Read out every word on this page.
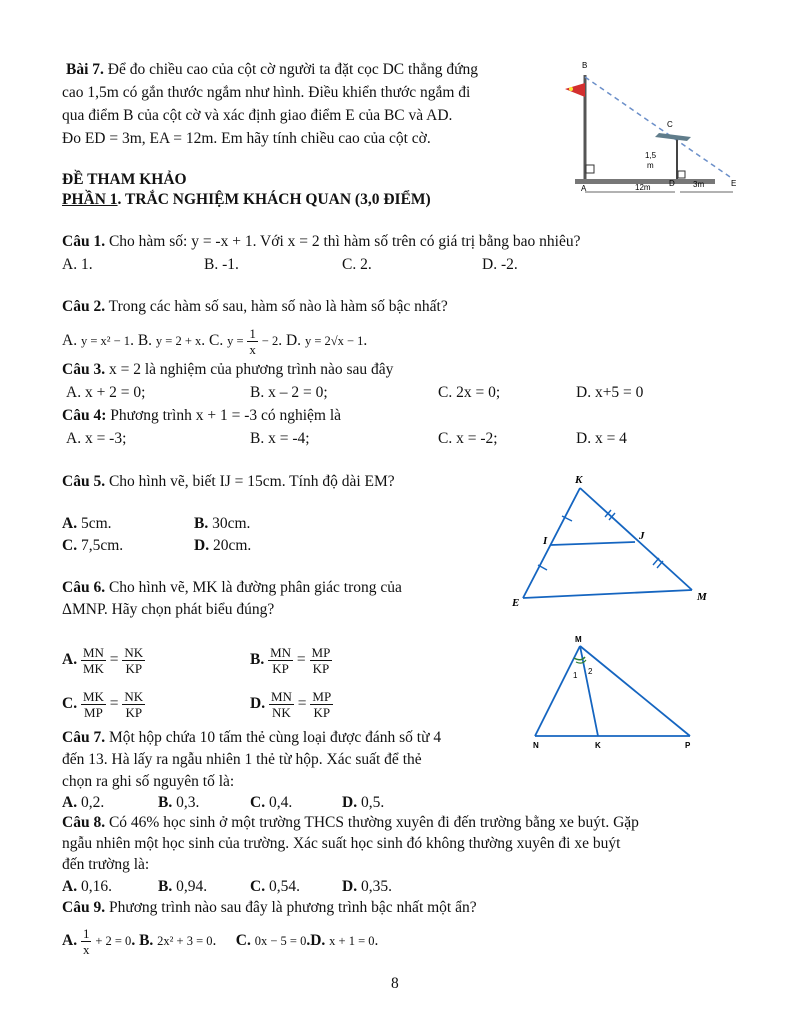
Bài 7. Để đo chiều cao của cột cờ người ta đặt cọc DC thẳng đứng
cao 1,5m có gắn thước ngắm như hình. Điều khiển thước ngắm đi
qua điểm B của cột cờ và xác định giao điểm E của BC và AD.
Đo ED = 3m, EA = 12m. Em hãy tính chiều cao của cột cờ.
B
C
A
D	E
1,5
m
12m	3m
ĐỀ THAM KHẢO
PHẦN 1. TRẮC NGHIỆM KHÁCH QUAN (3,0 ĐIỂM)
Câu 1. Cho hàm số: y = -x + 1. Với x = 2 thì hàm số trên có giá trị bằng bao nhiêu?
A. 1.	B. -1.	C. 2.	D. -2.
Câu 2. Trong các hàm số sau, hàm số nào là hàm số bậc nhất?
A. y = x² − 1. B. y = 2 + x. C. $y = \frac{1}{x} - 2$. D. y = 2√x − 1.
Câu 3. x = 2 là nghiệm của phương trình nào sau đây
A. x + 2 = 0;	B. x – 2 = 0;	C. 2x = 0;	D. x+5 = 0
Câu 4: Phương trình x + 1 = -3 có nghiệm là
A. x = -3;	B. x = -4;	C. x = -2;	D. x = 4
Câu 5. Cho hình vẽ, biết IJ = 15cm. Tính độ dài EM?
A. 5cm.	B. 30cm.
C. 7,5cm.	D. 20cm.
K
I	J
E	M
Câu 6. Cho hình vẽ, MK là đường phân giác trong của
ΔMNP. Hãy chọn phát biểu đúng?
A. $\frac{MN}{MK} = \frac{NK}{KP}$	B. $\frac{MN}{KP} = \frac{MP}{KP}$
C. $\frac{MK}{MP} = \frac{NK}{KP}$	D. $\frac{MN}{NK} = \frac{MP}{KP}$
M
1 2
N	K	P
Câu 7. Một hộp chứa 10 tấm thẻ cùng loại được đánh số từ 4
đến 13. Hà lấy ra ngẫu nhiên 1 thẻ từ hộp. Xác suất để thẻ
chọn ra ghi số nguyên tố là:
A. 0,2.	B. 0,3.	C. 0,4.	D. 0,5.
Câu 8. Có 46% học sinh ở một trường THCS thường xuyên đi đến trường bằng xe buýt. Gặp
ngẫu nhiên một học sinh của trường. Xác suất học sinh đó không thường xuyên đi xe buýt
đến trường là:
A. 0,16.	B. 0,94.	C. 0,54.	D. 0,35.
Câu 9. Phương trình nào sau đây là phương trình bậc nhất một ẩn?
A. $\frac{1}{x} + 2 = 0$. B. 2x² + 3 = 0. C. 0x − 5 = 0.D. x + 1 = 0.
8
